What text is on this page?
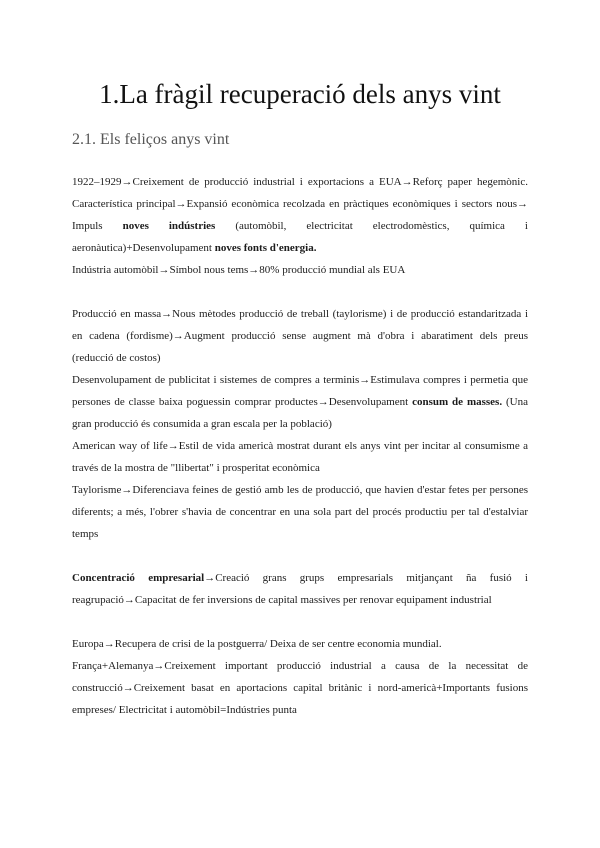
1.La fràgil recuperació dels anys vint
2.1. Els feliços anys vint

1922–1929→Creixement de producció industrial i exportacions a EUA→Reforç paper hegemònic. Característica principal→Expansió econòmica recolzada en pràctiques econòmiques i sectors nous→ Impuls noves indústries (automòbil, electricitat electrodomèstics, química i aeronàutica)+Desenvolupament noves fonts d'energia.

Indústria automòbil→Símbol nous tems→80% producció mundial als EUA

Producció en massa→Nous mètodes producció de treball (taylorisme) i de producció estandaritzada i en cadena (fordisme)→Augment producció sense augment mà d'obra i abaratiment dels preus (reducció de costos)

Desenvolupament de publicitat i sistemes de compres a terminis→Estimulava compres i permetia que persones de classe baixa poguessin comprar productes→Desenvolupament consum de masses. (Una gran producció és consumida a gran escala per la població)

American way of life→Estil de vida americà mostrat durant els anys vint per incitar al consumisme a través de la mostra de "llibertat" i prosperitat econòmica

Taylorisme→Diferenciava feines de gestió amb les de producció, que havien d'estar fetes per persones diferents; a més, l'obrer s'havia de concentrar en una sola part del procés productiu per tal d'estalviar temps

Concentració empresarial→Creació grans grups empresarials mitjançant ña fusió i reagrupació→Capacitat de fer inversions de capital massives per renovar equipament industrial

Europa→Recupera de crisi de la postguerra/ Deixa de ser centre economia mundial.

França+Alemanya→Creixement important producció industrial a causa de la necessitat de construcció→Creixement basat en aportacions capital britànic i nord-americà+Importants fusions empreses/ Electricitat i automòbil=Indústries punta
